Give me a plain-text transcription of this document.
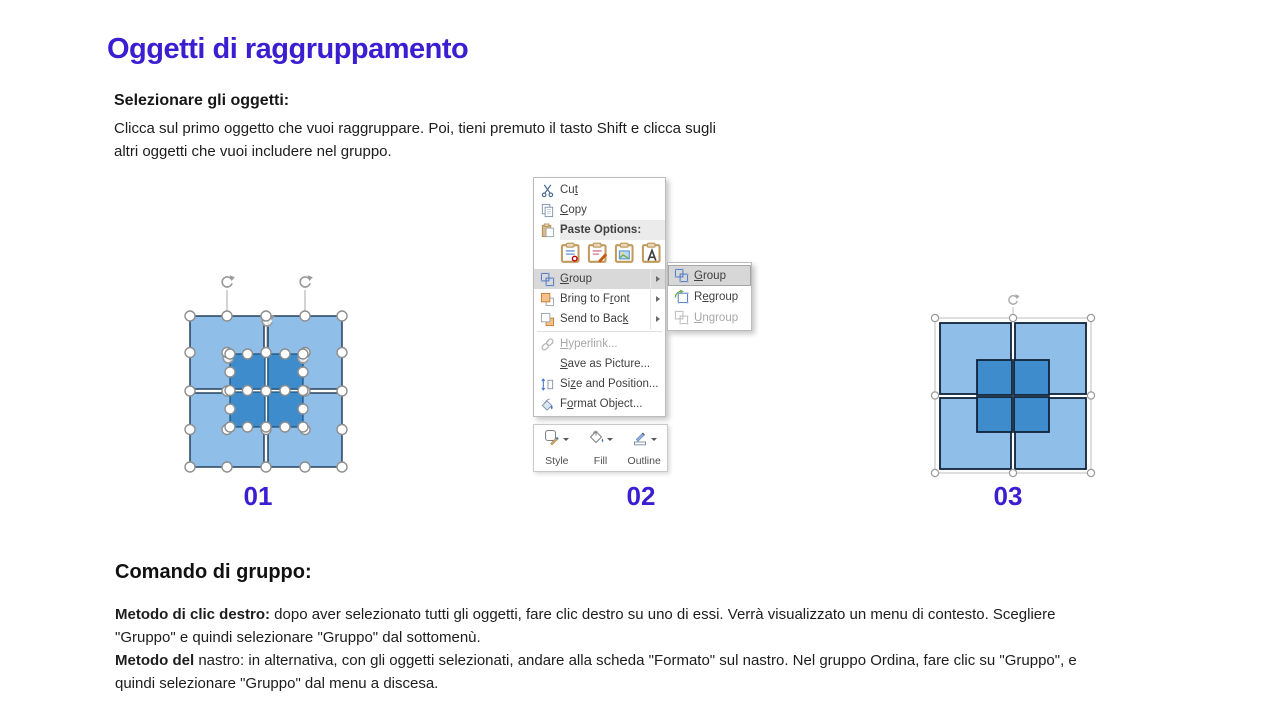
Oggetti di raggruppamento
Selezionare gli oggetti:
Clicca sul primo oggetto che vuoi raggruppare. Poi, tieni premuto il tasto Shift e clicca sugli altri oggetti che vuoi includere nel gruppo.
Cut
Copy
Paste Options:
Group
Bring to Front
Send to Back
Hyperlink...
Save as Picture...
Size and Position...
Format Object...
Group
Regroup
Ungroup
Style Fill Outline
01	02	03
Comando di gruppo:

Metodo di clic destro: dopo aver selezionato tutti gli oggetti, fare clic destro su uno di essi. Verrà visualizzato un menu di contesto. Scegliere "Gruppo" e quindi selezionare "Gruppo" dal sottomenù.

Metodo del nastro: in alternativa, con gli oggetti selezionati, andare alla scheda "Formato" sul nastro. Nel gruppo Ordina, fare clic su "Gruppo", e quindi selezionare "Gruppo" dal menu a discesa.
